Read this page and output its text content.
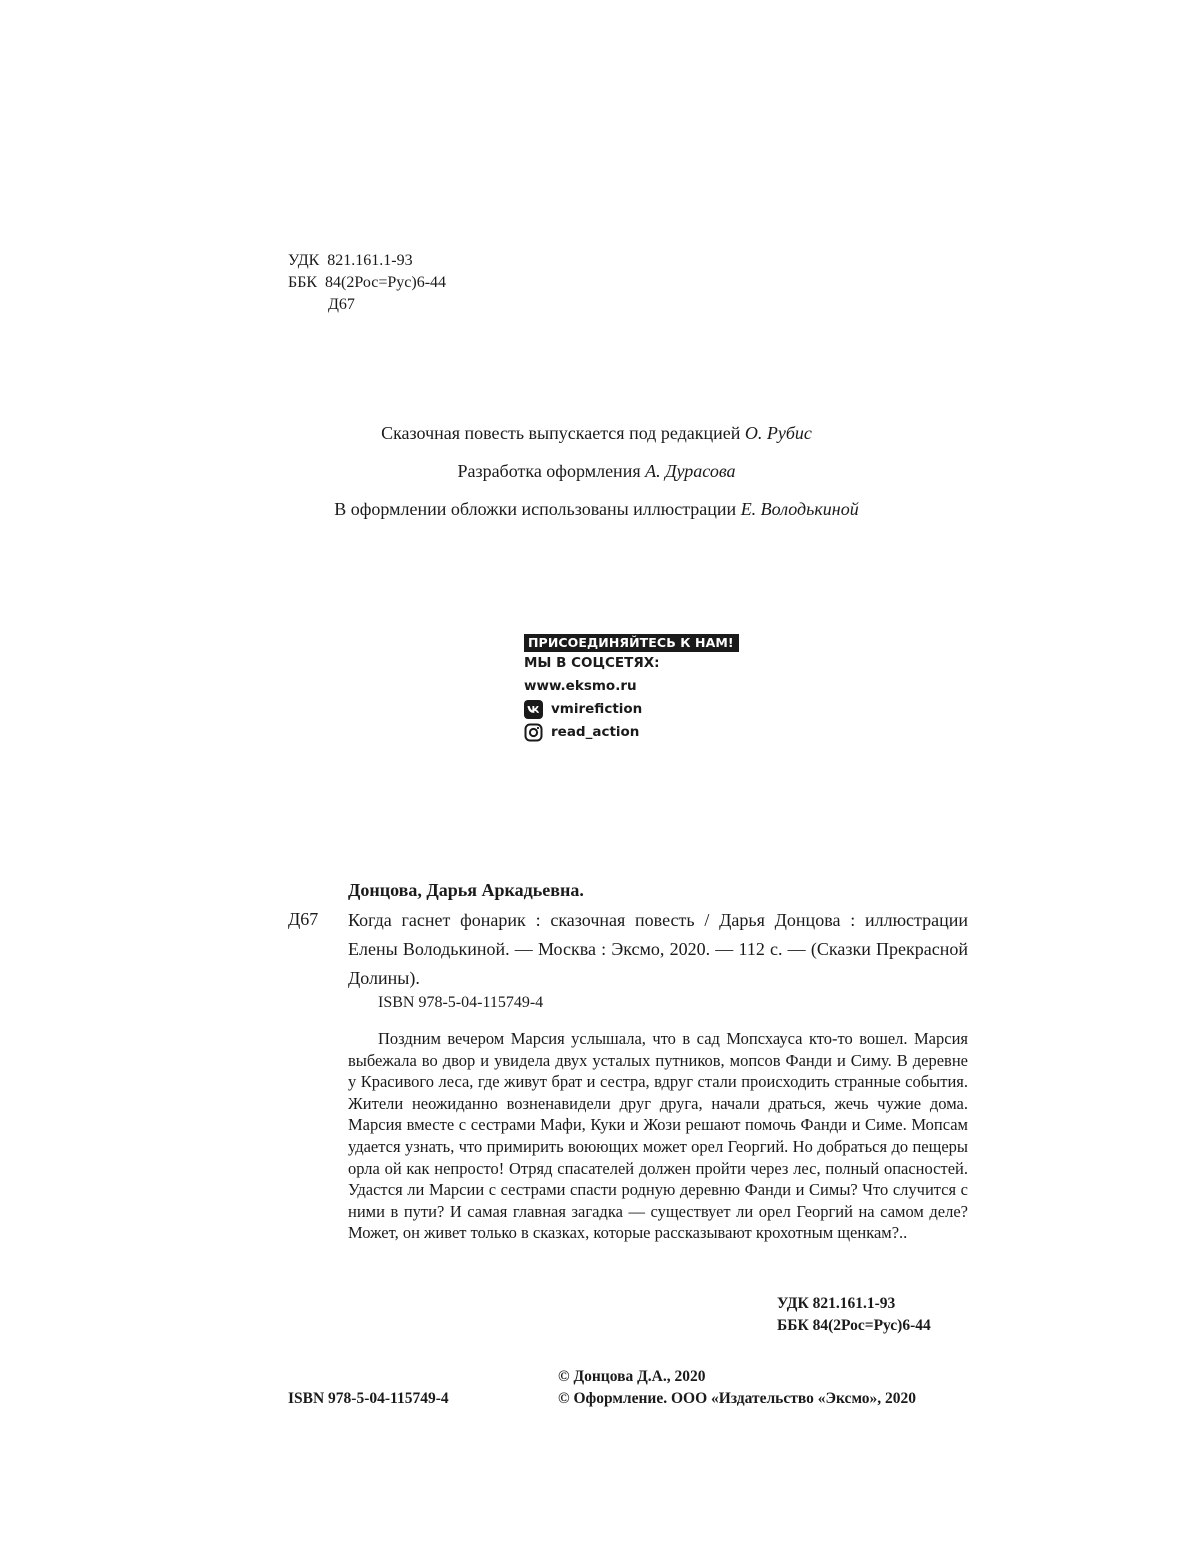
УДК 821.161.1-93
ББК 84(2Рос=Рус)6-44
Д67
Сказочная повесть выпускается под редакцией О. Рубис
Разработка оформления А. Дурасова
В оформлении обложки использованы иллюстрации Е. Володькиной
ПРИСОЕДИНЯЙТЕСЬ К НАМ!
МЫ В СОЦСЕТЯХ:
www.eksmo.ru
vmirefiction
read_action
Донцова, Дарья Аркадьевна.
Д67 Когда гаснет фонарик : сказочная повесть / Дарья Донцова : иллюстрации Елены Володькиной. — Москва : Эксмо, 2020. — 112 с. — (Сказки Прекрасной Долины).
ISBN 978-5-04-115749-4
Поздним вечером Марсия услышала, что в сад Мопсхауса кто-то вошел. Марсия выбежала во двор и увидела двух усталых путников, мопсов Фанди и Симу. В деревне у Красивого леса, где живут брат и сестра, вдруг стали происходить странные события. Жители неожиданно возненавидели друг друга, начали драться, жечь чужие дома. Марсия вместе с сестрами Мафи, Куки и Жози решают помочь Фанди и Симе. Мопсам удается узнать, что примирить воюющих может орел Георгий. Но добраться до пещеры орла ой как непросто! Отряд спасателей должен пройти через лес, полный опасностей. Удастся ли Марсии с сестрами спасти родную деревню Фанди и Симы? Что случится с ними в пути? И самая главная загадка — существует ли орел Георгий на самом деле? Может, он живет только в сказках, которые рассказывают крохотным щенкам?..
УДК 821.161.1-93
ББК 84(2Рос=Рус)6-44
© Донцова Д.А., 2020
© Оформление. ООО «Издательство «Эксмо», 2020
ISBN 978-5-04-115749-4
